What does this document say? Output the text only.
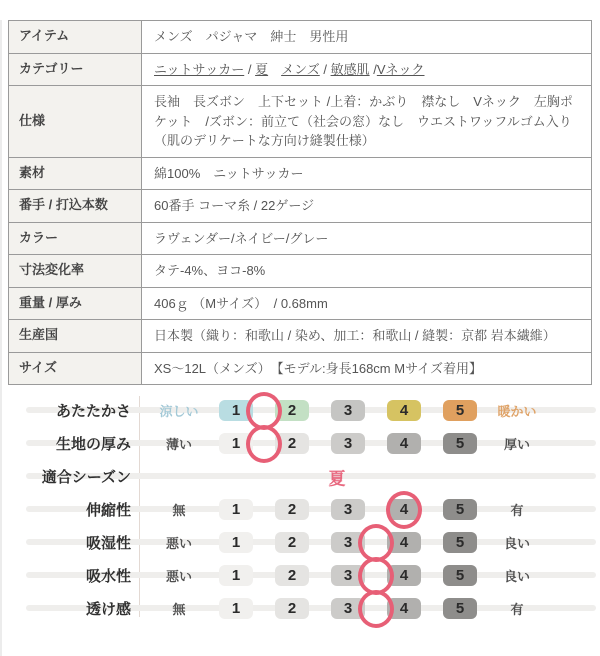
アイテム	メンズ　パジャマ　紳士　男性用
カテゴリー	ニットサッカー / 夏　 メンズ / 敏感肌 /Vネック
仕様	長袖　長ズボン　上下セット /上着：かぶり　襟なし　Vネック　左胸ポケット　/ズボン：前立て（社会の窓）なし　ウエストワッフルゴム入り　（肌のデリケートな方向け縫製仕様）
素材	綿100%　ニットサッカー
番手 / 打込本数	60番手 コーマ糸 / 22ゲージ
カラー	ラヴェンダー/ネイビー/グレー
寸法変化率	タテ-4%、ヨコ-8%
重量 / 厚み	406ｇ （Mサイズ）　/ 0.68mm
生産国	日本製（織り：和歌山 / 染め、加工：和歌山 / 縫製：京都 岩本繊維）
サイズ	XS〜12L（メンズ）　【モデル:身長168cm Mサイズ着用】
あたたかさ	涼しい	1	2	3	4	5	暖かい
生地の厚み	薄い	1	2	3	4	5	厚い
適合シーズン	夏
伸縮性	無	1	2	3	4	5	有
吸湿性	悪い	1	2	3	4	5	良い
吸水性	悪い	1	2	3	4	5	良い
透け感	無	1	2	3	4	5	有
